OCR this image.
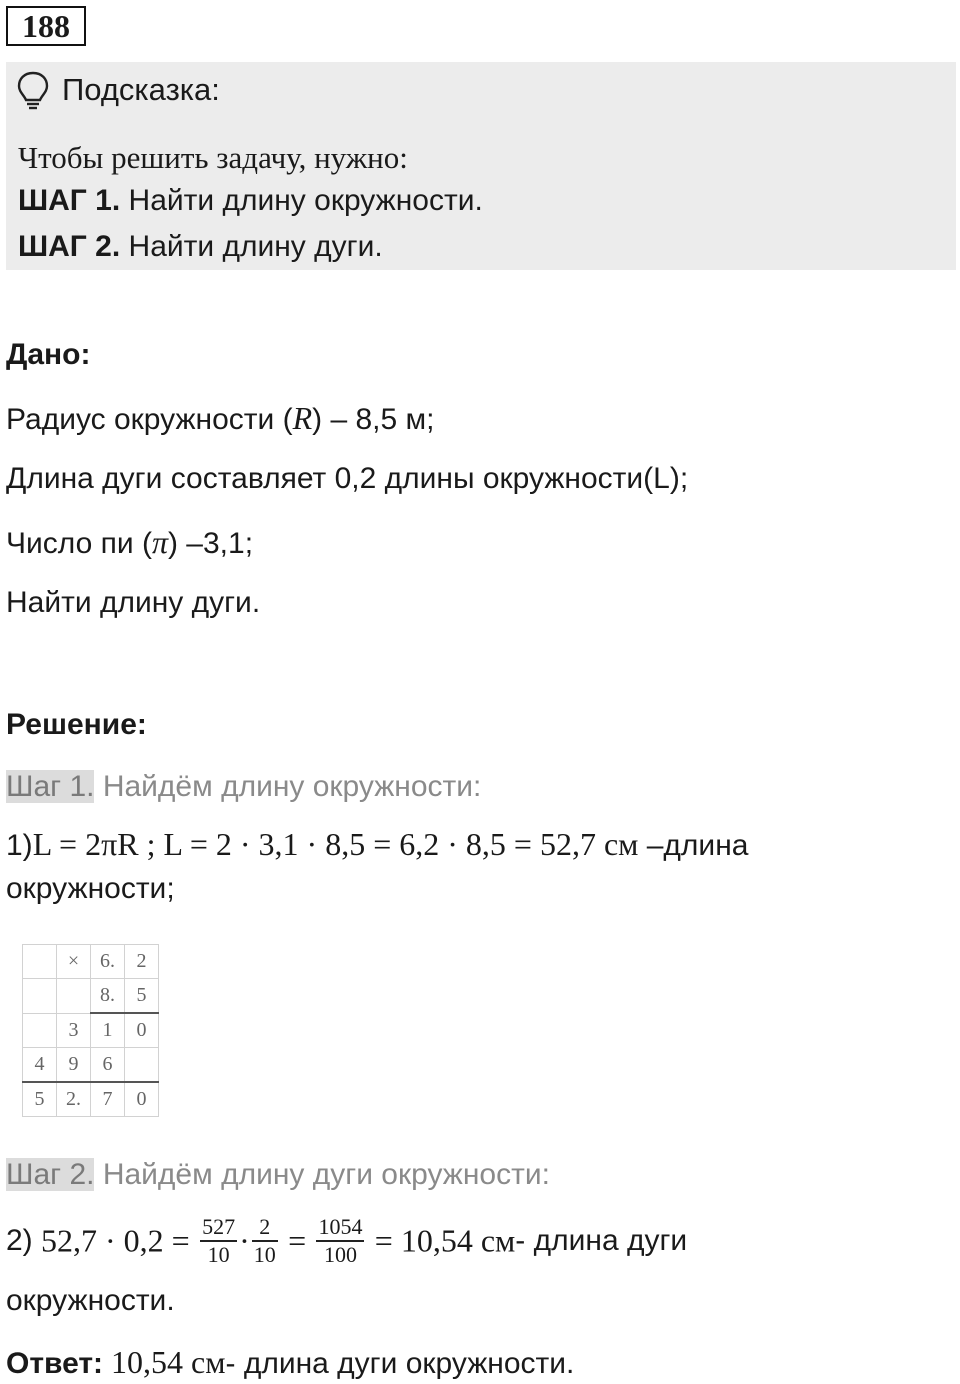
188
Подсказка:
Чтобы решить задачу, нужно:
ШАГ 1. Найти длину окружности.
ШАГ 2. Найти длину дуги.
Дано:
Радиус окружности (R) – 8,5 м;
Длина дуги составляет 0,2 длины окружности(L);
Число пи (π) –3,1;
Найти длину дуги.
Решение:
Шаг 1. Найдём длину окружности:
1)L = 2πR ; L = 2 · 3,1 · 8,5 = 6,2 · 8,5 = 52,7 см –длина
окружности;
	×	6.	2
		8.	5
	3	1	0
4	9	6	
5	2.	7	0
Шаг 2. Найдём длину дуги окружности:
2) $52,7 \cdot 0,2 = \frac{527}{10} \cdot \frac{2}{10} = \frac{1054}{100} = 10,54$ см- длина дуги
окружности.
Ответ: 10,54 см- длина дуги окружности.
